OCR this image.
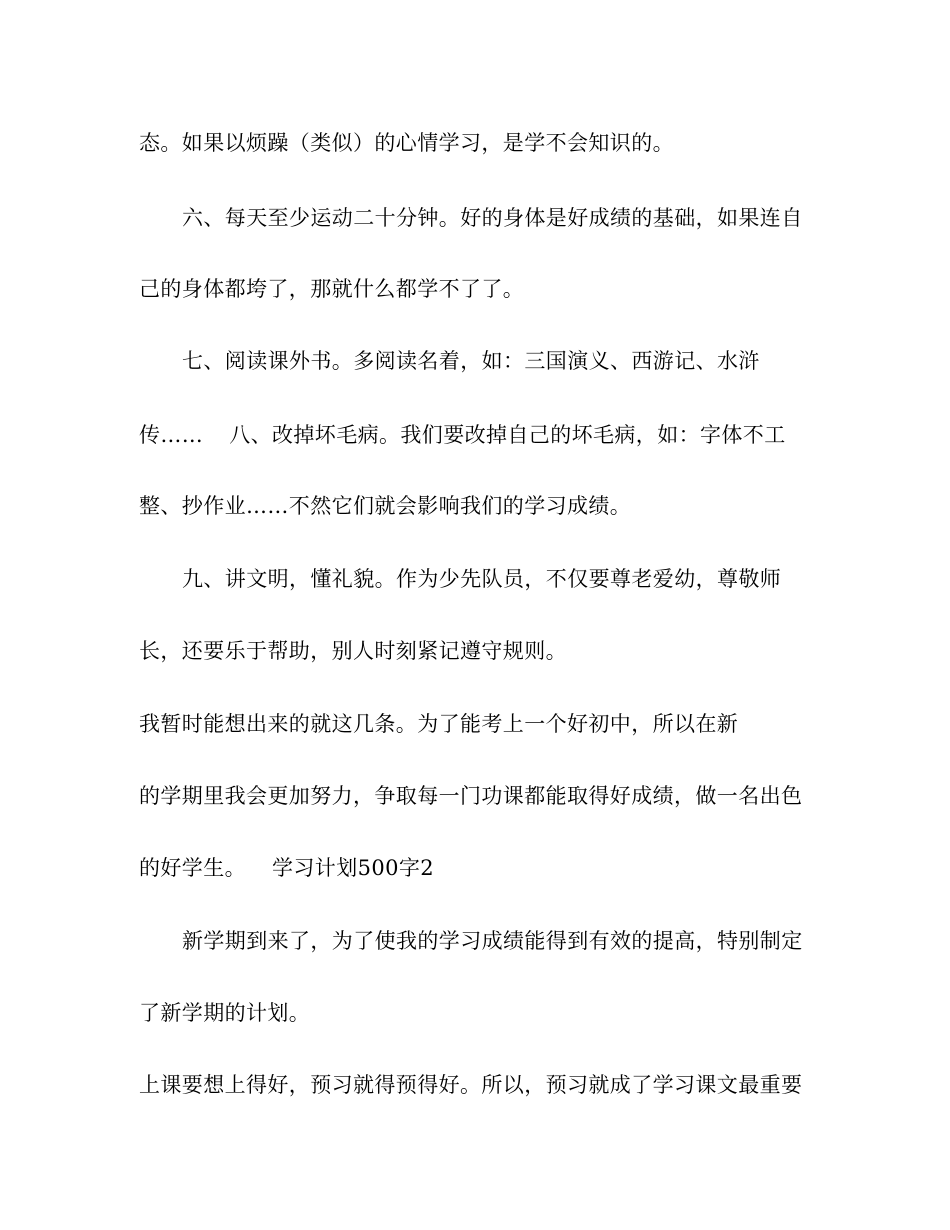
态。如果以烦躁（类似）的心情学习，是学不会知识的。
六、每天至少运动二十分钟。好的身体是好成绩的基础，如果连自
己的身体都垮了，那就什么都学不了了。
七、阅读课外书。多阅读名着，如：三国演义、西游记、水浒
传…… 八、改掉坏毛病。我们要改掉自己的坏毛病，如：字体不工
整、抄作业……不然它们就会影响我们的学习成绩。
九、讲文明，懂礼貌。作为少先队员，不仅要尊老爱幼，尊敬师
长，还要乐于帮助，别人时刻紧记遵守规则。
我暂时能想出来的就这几条。为了能考上一个好初中，所以在新
的学期里我会更加努力，争取每一门功课都能取得好成绩，做一名出色
的好学生。 学习计划500字2
新学期到来了，为了使我的学习成绩能得到有效的提高，特别制定
了新学期的计划。
上课要想上得好，预习就得预得好。所以，预习就成了学习课文最重要
